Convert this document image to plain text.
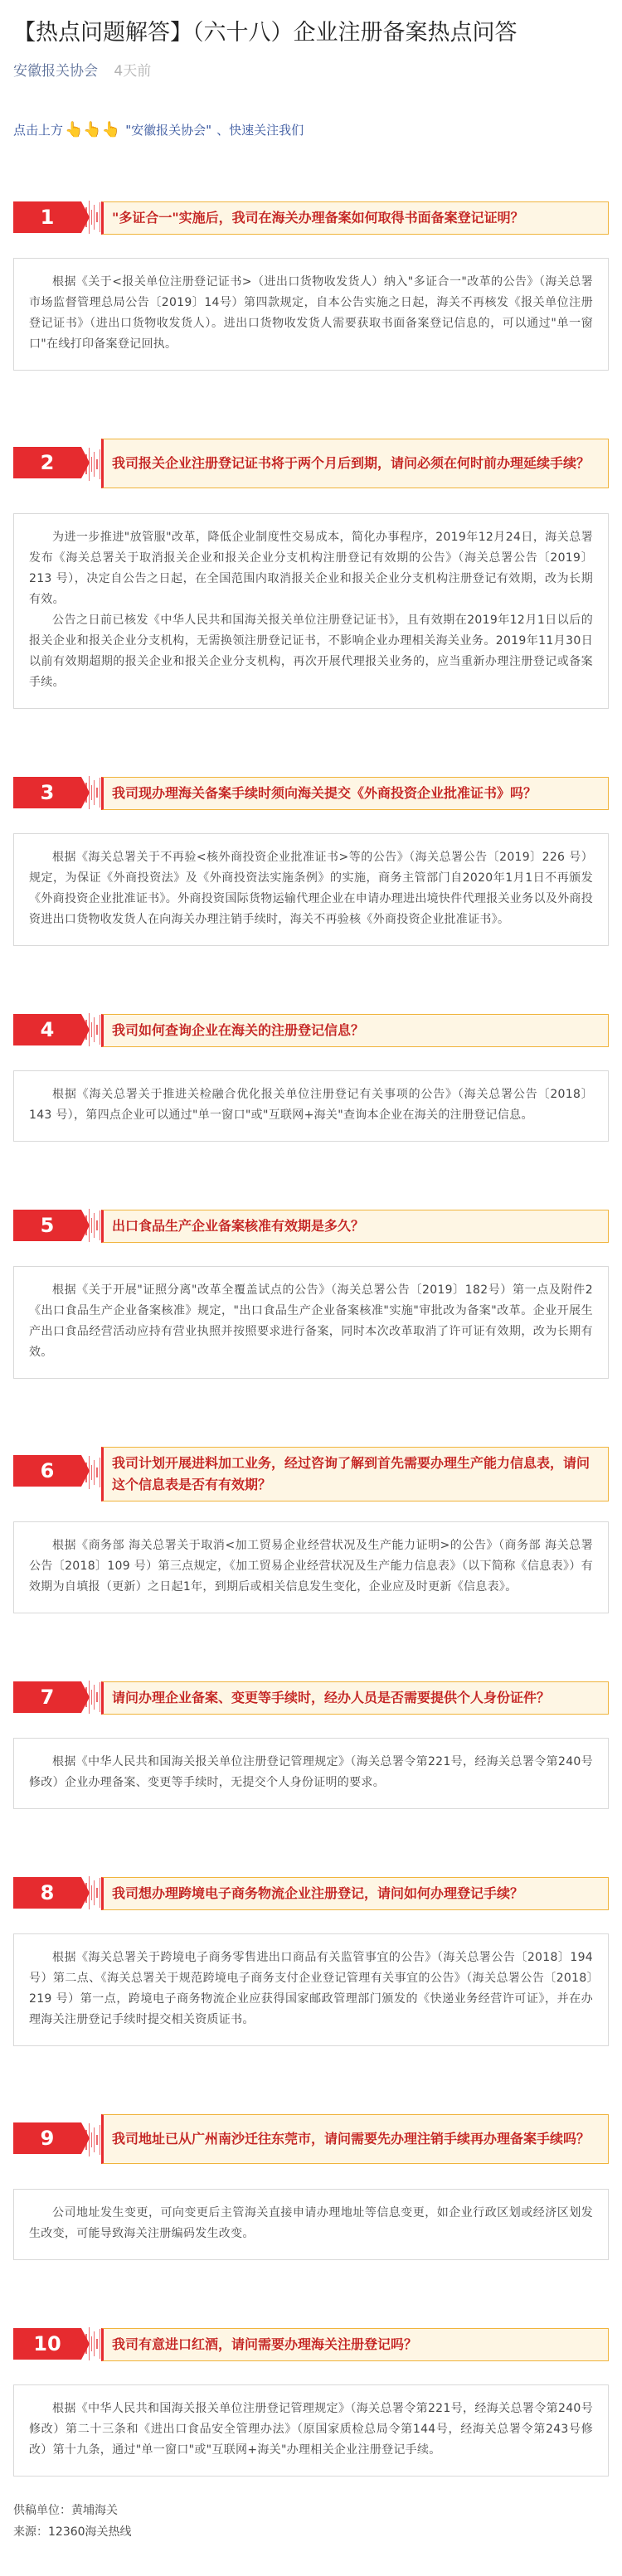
【热点问题解答】（六十八）企业注册备案热点问答
安徽报关协会 4天前
点击上方 👆👆👆 "安徽报关协会" 、快速关注我们
1	"多证合一"实施后，我司在海关办理备案如何取得书面备案登记证明？

根据《关于<报关单位注册登记证书>（进出口货物收发货人）纳入"多证合一"改革的公告》（海关总署 市场监督管理总局公告〔2019〕14号）第四款规定，自本公告实施之日起，海关不再核发《报关单位注册登记证书》（进出口货物收发货人）。进出口货物收发货人需要获取书面备案登记信息的，可以通过"单一窗口"在线打印备案登记回执。

2	我司报关企业注册登记证书将于两个月后到期，请问必须在何时前办理延续手续？

为进一步推进"放管服"改革，降低企业制度性交易成本，简化办事程序，2019年12月24日，海关总署发布《海关总署关于取消报关企业和报关企业分支机构注册登记有效期的公告》（海关总署公告〔2019〕213 号），决定自公告之日起，在全国范围内取消报关企业和报关企业分支机构注册登记有效期，改为长期有效。

公告之日前已核发《中华人民共和国海关报关单位注册登记证书》，且有效期在2019年12月1日以后的报关企业和报关企业分支机构，无需换领注册登记证书，不影响企业办理相关海关业务。2019年11月30日以前有效期超期的报关企业和报关企业分支机构，再次开展代理报关业务的，应当重新办理注册登记或备案手续。

3	我司现办理海关备案手续时须向海关提交《外商投资企业批准证书》吗？

根据《海关总署关于不再验<核外商投资企业批准证书>等的公告》（海关总署公告〔2019〕226 号）规定，为保证《外商投资法》及《外商投资法实施条例》的实施，商务主管部门自2020年1月1日不再颁发《外商投资企业批准证书》。外商投资国际货物运输代理企业在申请办理进出境快件代理报关业务以及外商投资进出口货物收发货人在向海关办理注销手续时，海关不再验核《外商投资企业批准证书》。

4	我司如何查询企业在海关的注册登记信息？

根据《海关总署关于推进关检融合优化报关单位注册登记有关事项的公告》（海关总署公告〔2018〕143 号），第四点企业可以通过"单一窗口"或"互联网+海关"查询本企业在海关的注册登记信息。

5	出口食品生产企业备案核准有效期是多久？

根据《关于开展"证照分离"改革全覆盖试点的公告》（海关总署公告〔2019〕182号）第一点及附件2《出口食品生产企业备案核准》规定，"出口食品生产企业备案核准"实施"审批改为备案"改革。企业开展生产出口食品经营活动应持有营业执照并按照要求进行备案，同时本次改革取消了许可证有效期，改为长期有效。

6	我司计划开展进料加工业务，经过咨询了解到首先需要办理生产能力信息表，请问这个信息表是否有有效期？

根据《商务部 海关总署关于取消<加工贸易企业经营状况及生产能力证明>的公告》（商务部 海关总署公告〔2018〕109 号）第三点规定，《加工贸易企业经营状况及生产能力信息表》（以下简称《信息表》）有效期为自填报（更新）之日起1年，到期后或相关信息发生变化，企业应及时更新《信息表》。

7	请问办理企业备案、变更等手续时，经办人员是否需要提供个人身份证件？

根据《中华人民共和国海关报关单位注册登记管理规定》（海关总署令第221号，经海关总署令第240号修改）企业办理备案、变更等手续时，无提交个人身份证明的要求。

8	我司想办理跨境电子商务物流企业注册登记，请问如何办理登记手续？

根据《海关总署关于跨境电子商务零售进出口商品有关监管事宜的公告》（海关总署公告〔2018〕194 号）第二点、《海关总署关于规范跨境电子商务支付企业登记管理有关事宜的公告》（海关总署公告〔2018〕219 号）第一点，跨境电子商务物流企业应获得国家邮政管理部门颁发的《快递业务经营许可证》，并在办理海关注册登记手续时提交相关资质证书。

9	我司地址已从广州南沙迁往东莞市，请问需要先办理注销手续再办理备案手续吗？

公司地址发生变更，可向变更后主管海关直接申请办理地址等信息变更，如企业行政区划或经济区划发生改变，可能导致海关注册编码发生改变。

10	我司有意进口红酒，请问需要办理海关注册登记吗？

根据《中华人民共和国海关报关单位注册登记管理规定》（海关总署令第221号，经海关总署令第240号修改）第二十三条和《进出口食品安全管理办法》（原国家质检总局令第144号，经海关总署令第243号修改）第十九条，通过"单一窗口"或"互联网+海关"办理相关企业注册登记手续。

供稿单位：黄埔海关
来源：12360海关热线
